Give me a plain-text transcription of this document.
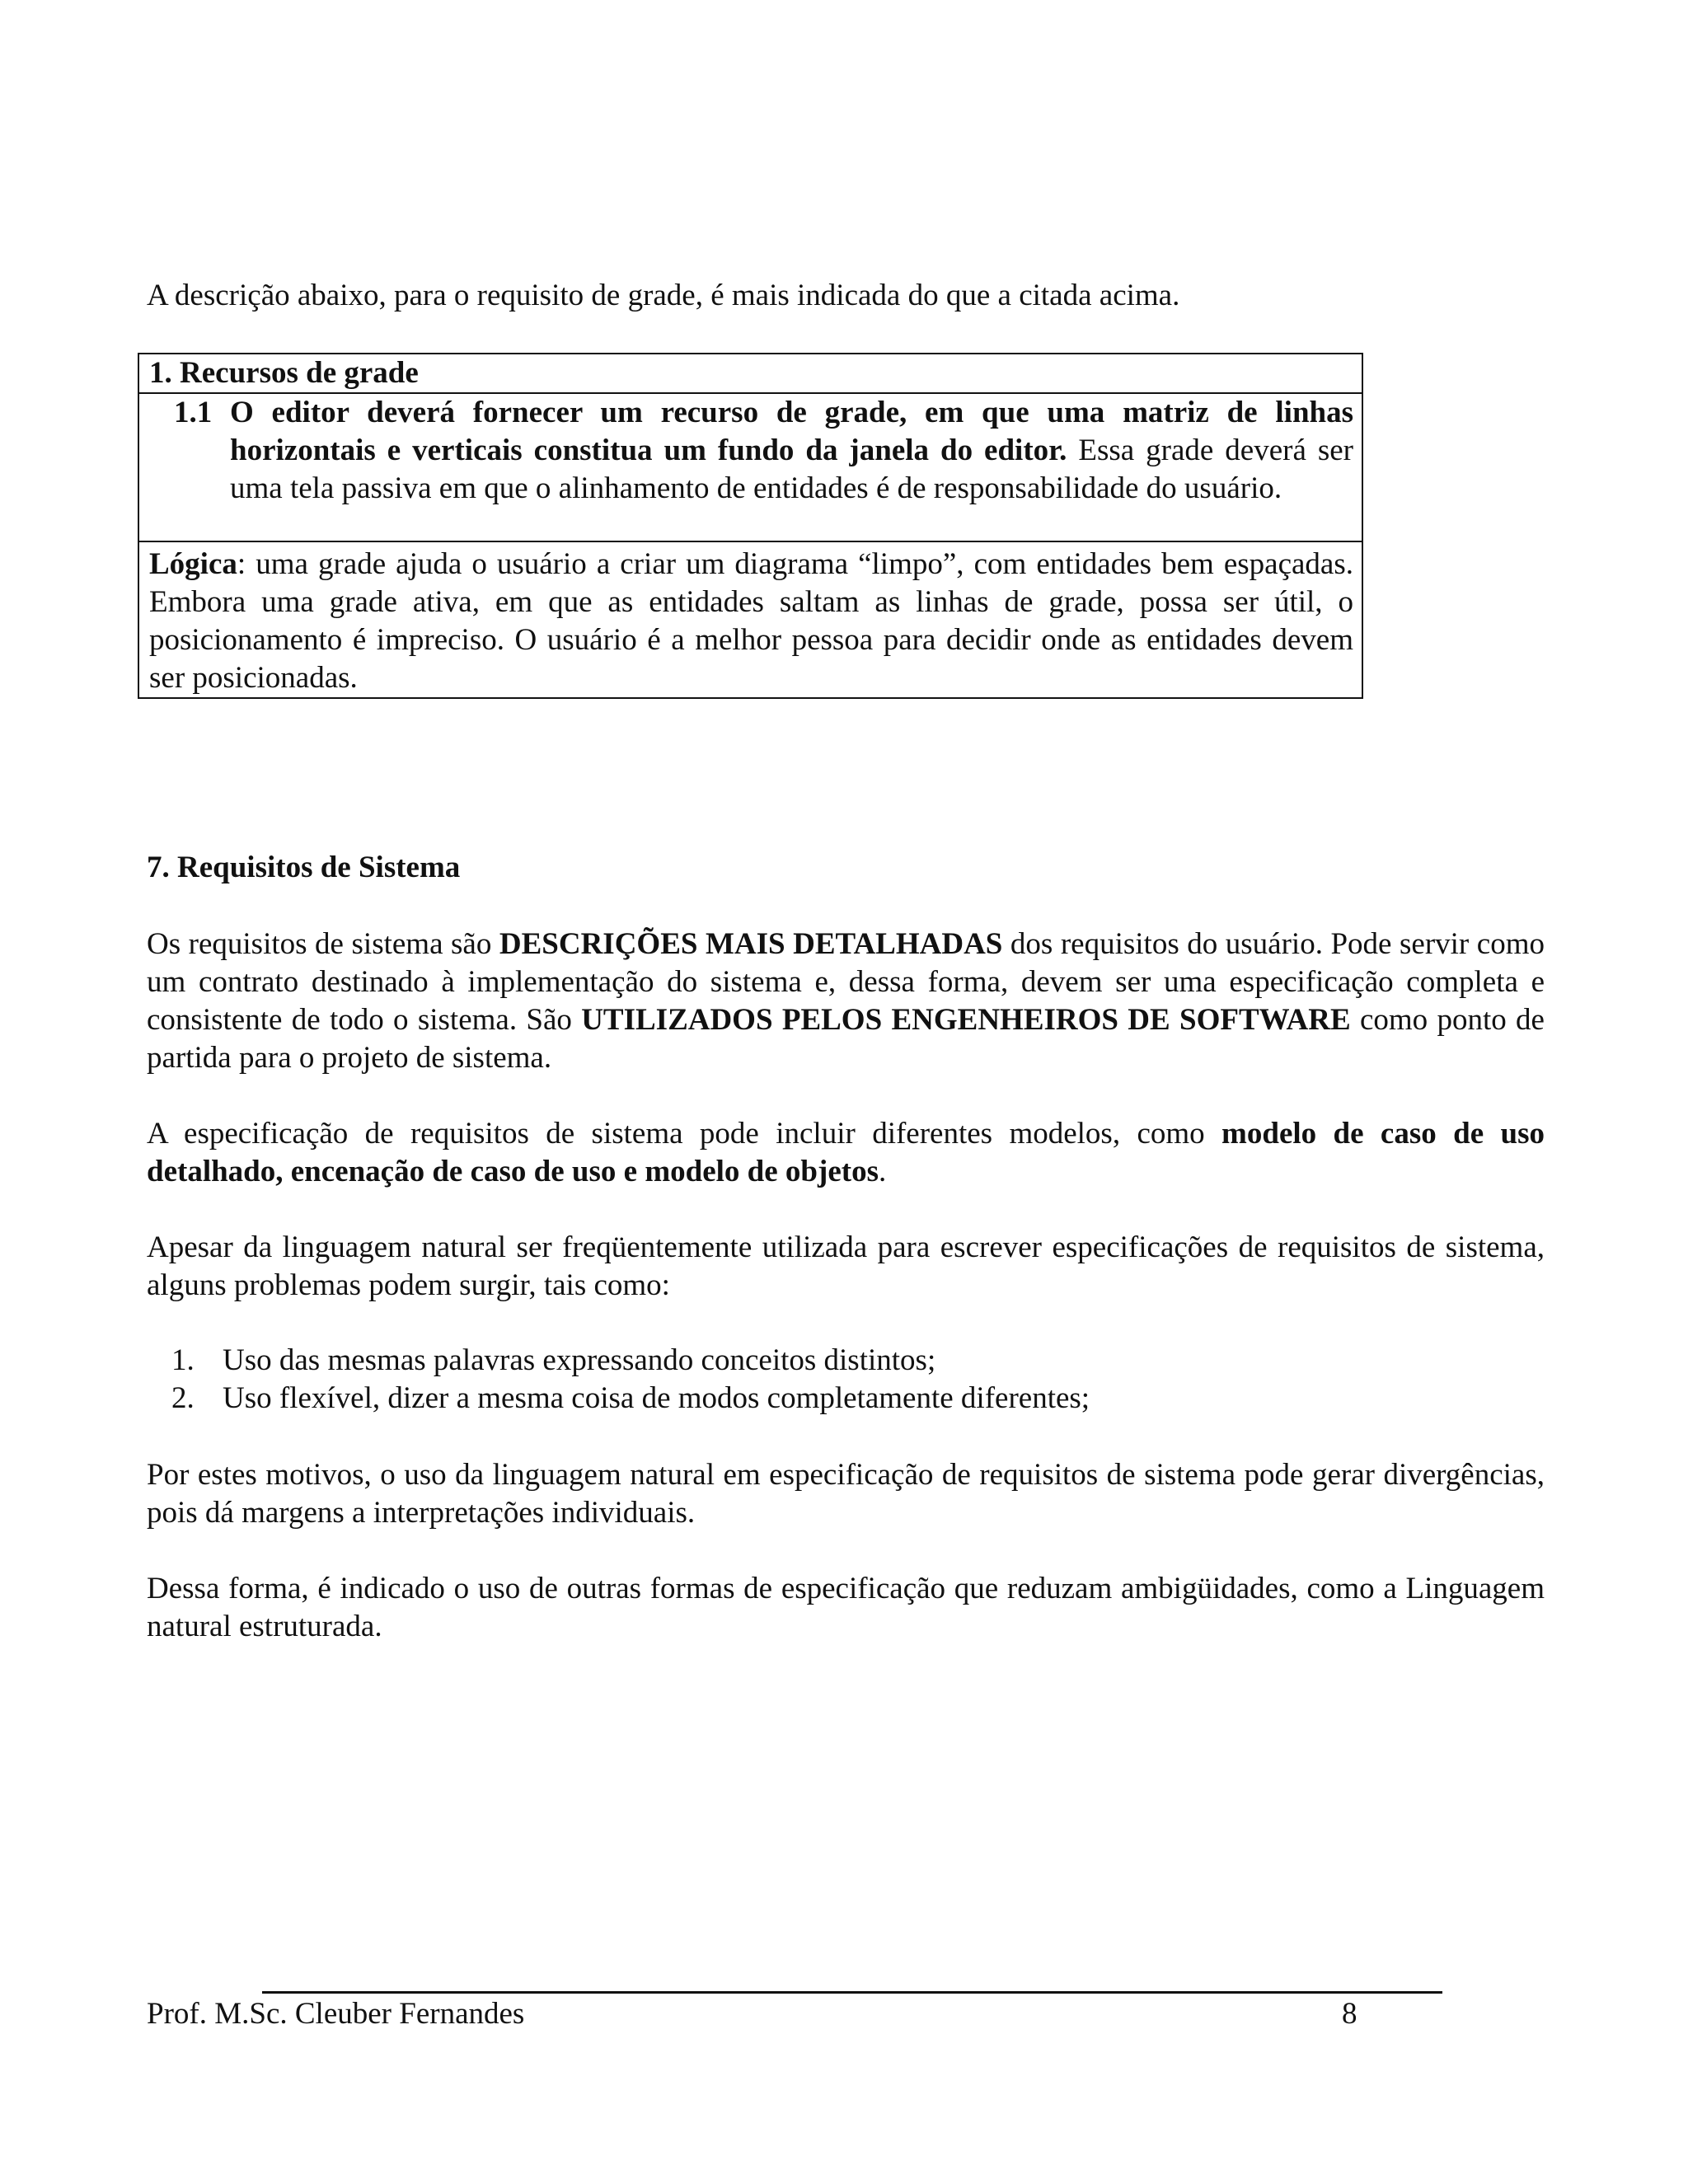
A descrição abaixo, para o requisito de grade, é mais indicada do que a citada acima.

1. Recursos de grade
1.1 O editor deverá fornecer um recurso de grade, em que uma matriz de linhas horizontais e verticais constitua um fundo da janela do editor. Essa grade deverá ser uma tela passiva em que o alinhamento de entidades é de responsabilidade do usuário.
Lógica: uma grade ajuda o usuário a criar um diagrama “limpo”, com entidades bem espaçadas. Embora uma grade ativa, em que as entidades saltam as linhas de grade, possa ser útil, o posicionamento é impreciso. O usuário é a melhor pessoa para decidir onde as entidades devem ser posicionadas.
7. Requisitos de Sistema

Os requisitos de sistema são DESCRIÇÕES MAIS DETALHADAS dos requisitos do usuário. Pode servir como um contrato destinado à implementação do sistema e, dessa forma, devem ser uma especificação completa e consistente de todo o sistema. São UTILIZADOS PELOS ENGENHEIROS DE SOFTWARE como ponto de partida para o projeto de sistema.

A especificação de requisitos de sistema pode incluir diferentes modelos, como modelo de caso de uso detalhado, encenação de caso de uso e modelo de objetos.

Apesar da linguagem natural ser freqüentemente utilizada para escrever especificações de requisitos de sistema, alguns problemas podem surgir, tais como:

1. Uso das mesmas palavras expressando conceitos distintos;
2. Uso flexível, dizer a mesma coisa de modos completamente diferentes;

Por estes motivos, o uso da linguagem natural em especificação de requisitos de sistema pode gerar divergências, pois dá margens a interpretações individuais.

Dessa forma, é indicado o uso de outras formas de especificação que reduzam ambigüidades, como a Linguagem natural estruturada.

Prof. M.Sc. Cleuber Fernandes	8
